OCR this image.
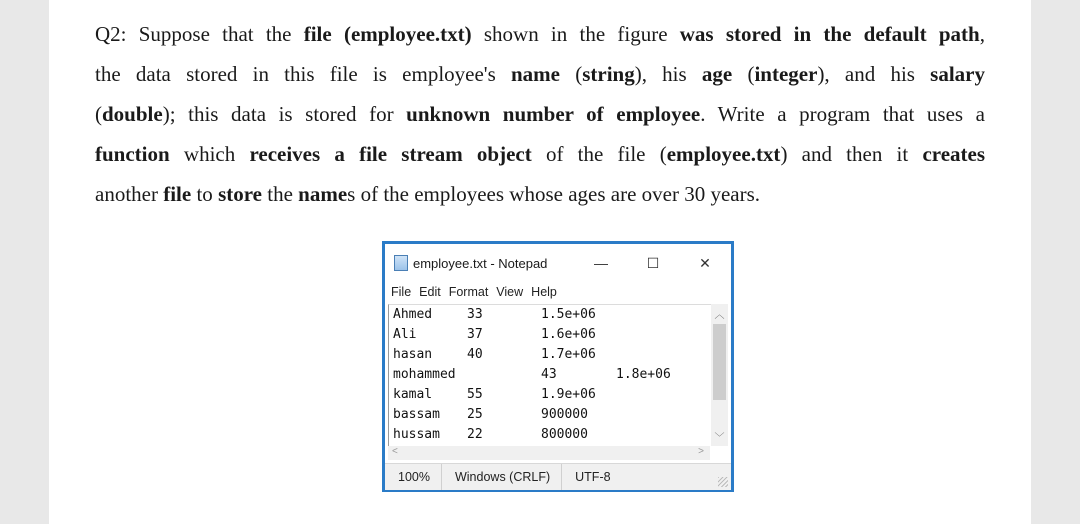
Q2: Suppose that the file (employee.txt) shown in the figure was stored in the default path,
the data stored in this file is employee's name (string), his age (integer), and his salary
(double); this data is stored for unknown number of employee. Write a program that uses a
function which receives a file stream object of the file (employee.txt) and then it creates
another file to store the names of the employees whose ages are over 30 years.
employee.txt - Notepad	—	☐	✕
File Edit Format View Help
Ahmed	33	1.5e+06
Ali	37	1.6e+06
hasan	40	1.7e+06
mohammed	43	1.8e+06
kamal	55	1.9e+06
bassam 25	900000
hussam 22	800000
︿
﹀
<	>
100%	Windows (CRLF)	UTF-8
